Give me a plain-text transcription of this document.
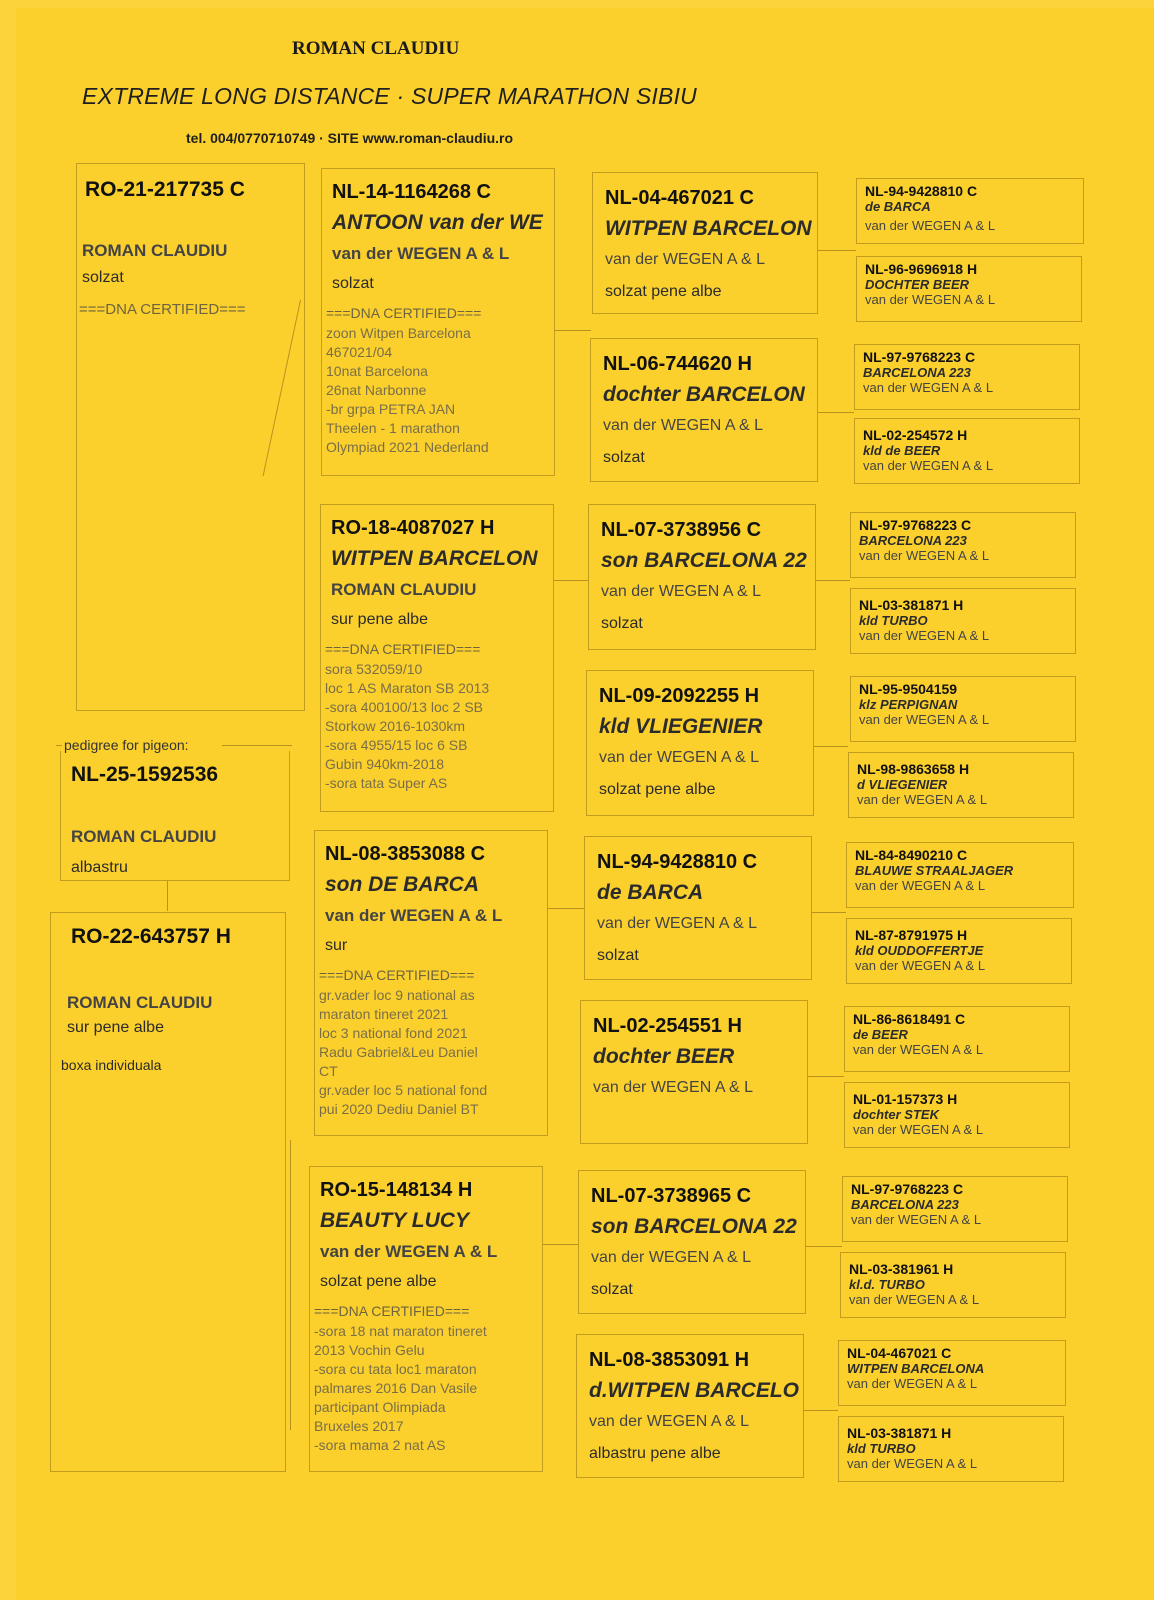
ROMAN CLAUDIU
EXTREME LONG DISTANCE · SUPER MARATHON SIBIU
tel. 004/0770710749 · SITE www.roman-claudiu.ro
RO-21-217735 C
ROMAN CLAUDIU
solzat
===DNA CERTIFIED===
pedigree for pigeon:
NL-25-1592536
ROMAN CLAUDIU
albastru
RO-22-643757 H
ROMAN CLAUDIU
sur pene albe
boxa individuala
NL-14-1164268 C
ANTOON van der WE
van der WEGEN A & L
solzat
===DNA CERTIFIED===
zoon Witpen Barcelona
467021/04
10nat Barcelona
26nat Narbonne
-br grpa PETRA JAN
Theelen - 1 marathon
Olympiad 2021 Nederland
RO-18-4087027 H
WITPEN BARCELON
ROMAN CLAUDIU
sur pene albe
===DNA CERTIFIED===
sora 532059/10
loc 1 AS Maraton SB 2013
-sora 400100/13 loc 2 SB
Storkow 2016-1030km
-sora 4955/15 loc 6 SB
Gubin 940km-2018
-sora tata Super AS
NL-08-3853088 C
son DE BARCA
van der WEGEN A & L
sur
===DNA CERTIFIED===
gr.vader loc 9 national as
maraton tineret 2021
loc 3 national fond 2021
Radu Gabriel&Leu Daniel
CT
gr.vader loc 5 national fond
pui 2020 Dediu Daniel BT
RO-15-148134 H
BEAUTY LUCY
van der WEGEN A & L
solzat pene albe
===DNA CERTIFIED===
-sora 18 nat maraton tineret
2013 Vochin Gelu
-sora cu tata loc1 maraton
palmares 2016 Dan Vasile
participant Olimpiada
Bruxeles 2017
-sora mama 2 nat AS
NL-04-467021 C
WITPEN BARCELON
van der WEGEN A & L
solzat pene albe
NL-06-744620 H
dochter BARCELON
van der WEGEN A & L
solzat
NL-07-3738956 C
son BARCELONA 22
van der WEGEN A & L
solzat
NL-09-2092255 H
kld VLIEGENIER
van der WEGEN A & L
solzat pene albe
NL-94-9428810 C
de BARCA
van der WEGEN A & L
solzat
NL-02-254551 H
dochter BEER
van der WEGEN A & L
NL-07-3738965 C
son BARCELONA 22
van der WEGEN A & L
solzat
NL-08-3853091 H
d.WITPEN BARCELO
van der WEGEN A & L
albastru pene albe
NL-94-9428810 C
de BARCA
van der WEGEN A & L
NL-96-9696918 H
DOCHTER BEER
van der WEGEN A & L
NL-97-9768223 C
BARCELONA 223
van der WEGEN A & L
NL-02-254572 H
kld de BEER
van der WEGEN A & L
NL-97-9768223 C
BARCELONA 223
van der WEGEN A & L
NL-03-381871 H
kld TURBO
van der WEGEN A & L
NL-95-9504159
klz PERPIGNAN
van der WEGEN A & L
NL-98-9863658 H
d VLIEGENIER
van der WEGEN A & L
NL-84-8490210 C
BLAUWE STRAALJAGER
van der WEGEN A & L
NL-87-8791975 H
kld OUDDOFFERTJE
van der WEGEN A & L
NL-86-8618491 C
de BEER
van der WEGEN A & L
NL-01-157373 H
dochter STEK
van der WEGEN A & L
NL-97-9768223 C
BARCELONA 223
van der WEGEN A & L
NL-03-381961 H
kl.d. TURBO
van der WEGEN A & L
NL-04-467021 C
WITPEN BARCELONA
van der WEGEN A & L
NL-03-381871 H
kld TURBO
van der WEGEN A & L
